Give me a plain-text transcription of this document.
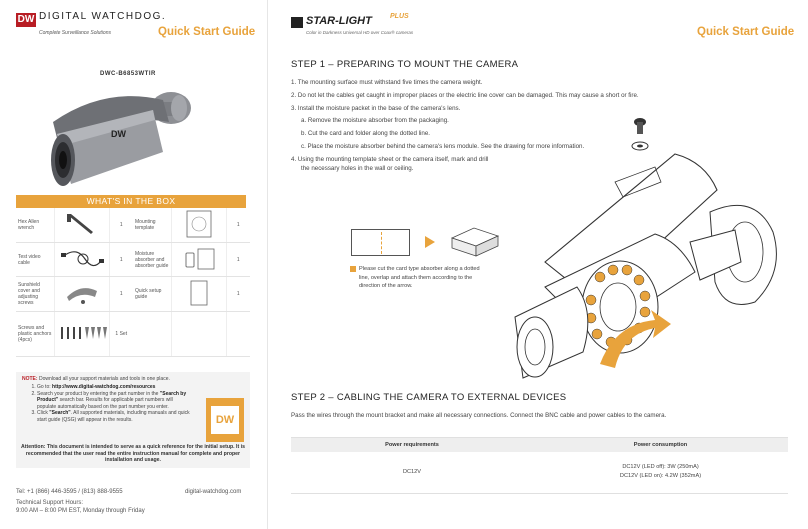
DW DIGITAL WATCHDOG.
Complete Surveillance Solutions	Quick Start Guide
DWC-B6853WTIR
DW
WHAT'S IN THE BOX
Hex Allen wrench		1	Mounting template		1
Test video cable		1	Moisture absorber and absorber guide		1
Sunshield cover and adjusting screws		1	Quick setup guide		1
Screws and plastic anchors (4pcs)		1 Set			
NOTE: Download all your support materials and tools in one place.
1. Go to: http://www.digital-watchdog.com/resources
2. Search your product by entering the part number in the "Search by Product" search bar. Results for applicable part numbers will populate automatically based on the part number you enter.
3. Click "Search". All supported materials, including manuals and quick start guide (QSG) will appear in the results.	DW
Attention: This document is intended to serve as a quick reference for the initial setup. It is recommended that the user read the entire instruction manual for complete and proper installation and usage.
Tel: +1 (866) 446-3595 / (813) 888-9555	digital-watchdog.com
Technical Support Hours:
9:00 AM – 8:00 PM EST, Monday through Friday
STAR-LIGHT	PLUS
Color in Darkness Universal HD over Coax® cameras	Quick Start Guide
STEP 1 – PREPARING TO MOUNT THE CAMERA
1. The mounting surface must withstand five times the camera weight.
2. Do not let the cables get caught in improper places or the electric line cover can be damaged. This may cause a short or fire.
3. Install the moisture packet in the base of the camera's lens.
a. Remove the moisture absorber from the packaging.
b. Cut the card and folder along the dotted line.
c. Place the moisture absorber behind the camera's lens module. See the drawing for more information.
4. Using the mounting template sheet or the camera itself, mark and drill
the necessary holes in the wall or ceiling.
Please cut the card type absorber along a dotted line, overlap and attach them according to the direction of the arrow.
STEP 2 – CABLING THE CAMERA TO EXTERNAL DEVICES
Pass the wires through the mount bracket and make all necessary connections. Connect the BNC cable and power cables to the camera.
Power requirements	Power consumption
DC12V	DC12V (LED off): 3W (250mA)
DC12V (LED on): 4.2W (352mA)
